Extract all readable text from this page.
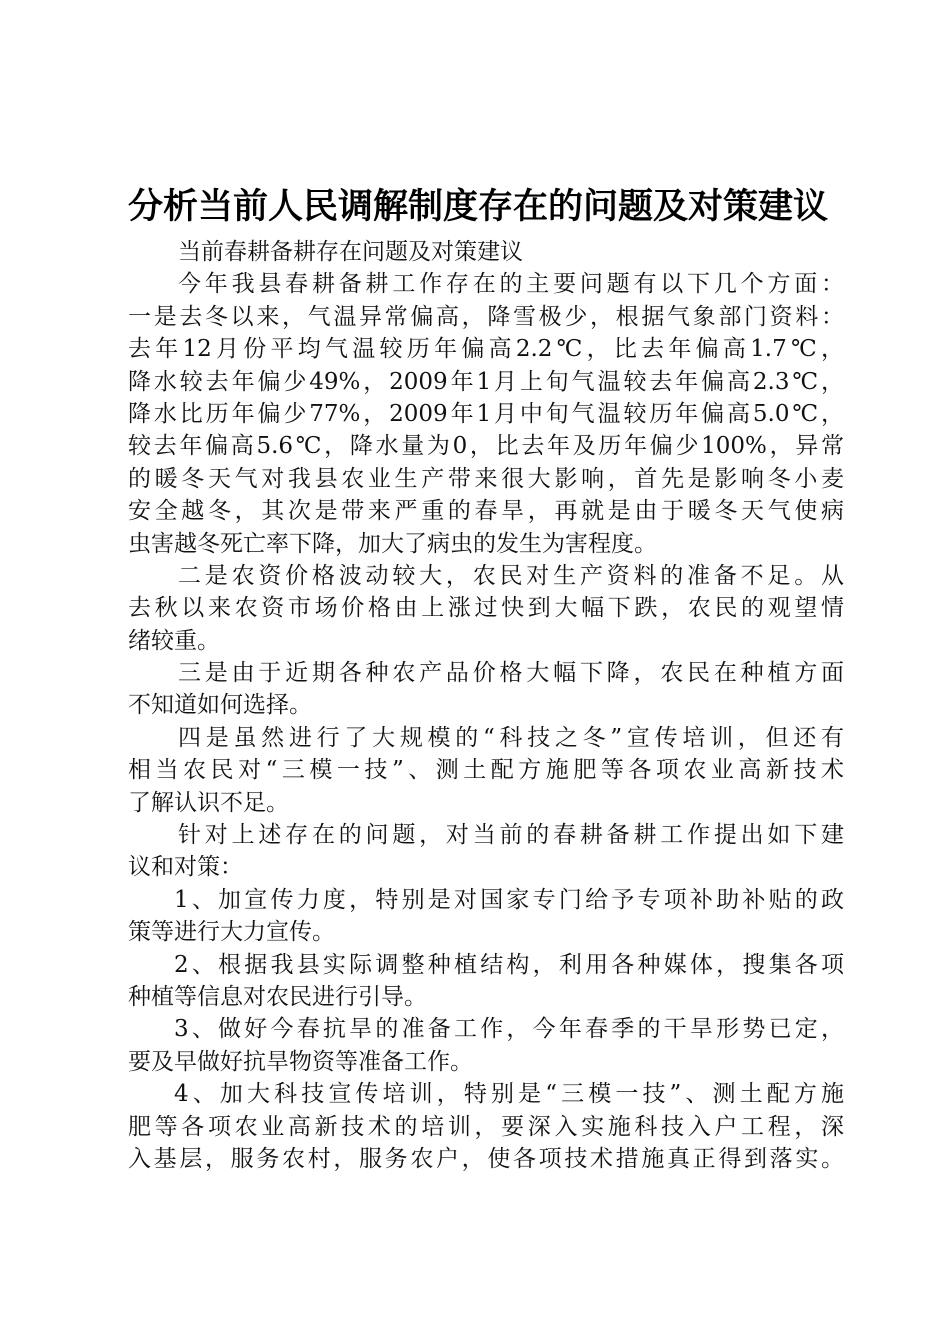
分析当前人民调解制度存在的问题及对策建议
当前春耕备耕存在问题及对策建议
今年我县春耕备耕工作存在的主要问题有以下几个方面：
一是去冬以来，气温异常偏高，降雪极少，根据气象部门资料：
去年12月份平均气温较历年偏高2.2℃，比去年偏高1.7℃，
降水较去年偏少49%，2009年1月上旬气温较去年偏高2.3℃，
降水比历年偏少77%，2009年1月中旬气温较历年偏高5.0℃，
较去年偏高5.6℃，降水量为0，比去年及历年偏少100%，异常
的暖冬天气对我县农业生产带来很大影响，首先是影响冬小麦
安全越冬，其次是带来严重的春旱，再就是由于暖冬天气使病
虫害越冬死亡率下降，加大了病虫的发生为害程度。
二是农资价格波动较大，农民对生产资料的准备不足。从
去秋以来农资市场价格由上涨过快到大幅下跌，农民的观望情
绪较重。
三是由于近期各种农产品价格大幅下降，农民在种植方面
不知道如何选择。
四是虽然进行了大规模的“科技之冬”宣传培训，但还有
相当农民对“三模一技”、测土配方施肥等各项农业高新技术
了解认识不足。
针对上述存在的问题，对当前的春耕备耕工作提出如下建
议和对策：
1、加宣传力度，特别是对国家专门给予专项补助补贴的政
策等进行大力宣传。
2、根据我县实际调整种植结构，利用各种媒体，搜集各项
种植等信息对农民进行引导。
3、做好今春抗旱的准备工作，今年春季的干旱形势已定，
要及早做好抗旱物资等准备工作。
4、加大科技宣传培训，特别是“三模一技”、测土配方施
肥等各项农业高新技术的培训，要深入实施科技入户工程，深
入基层，服务农村，服务农户，使各项技术措施真正得到落实。
